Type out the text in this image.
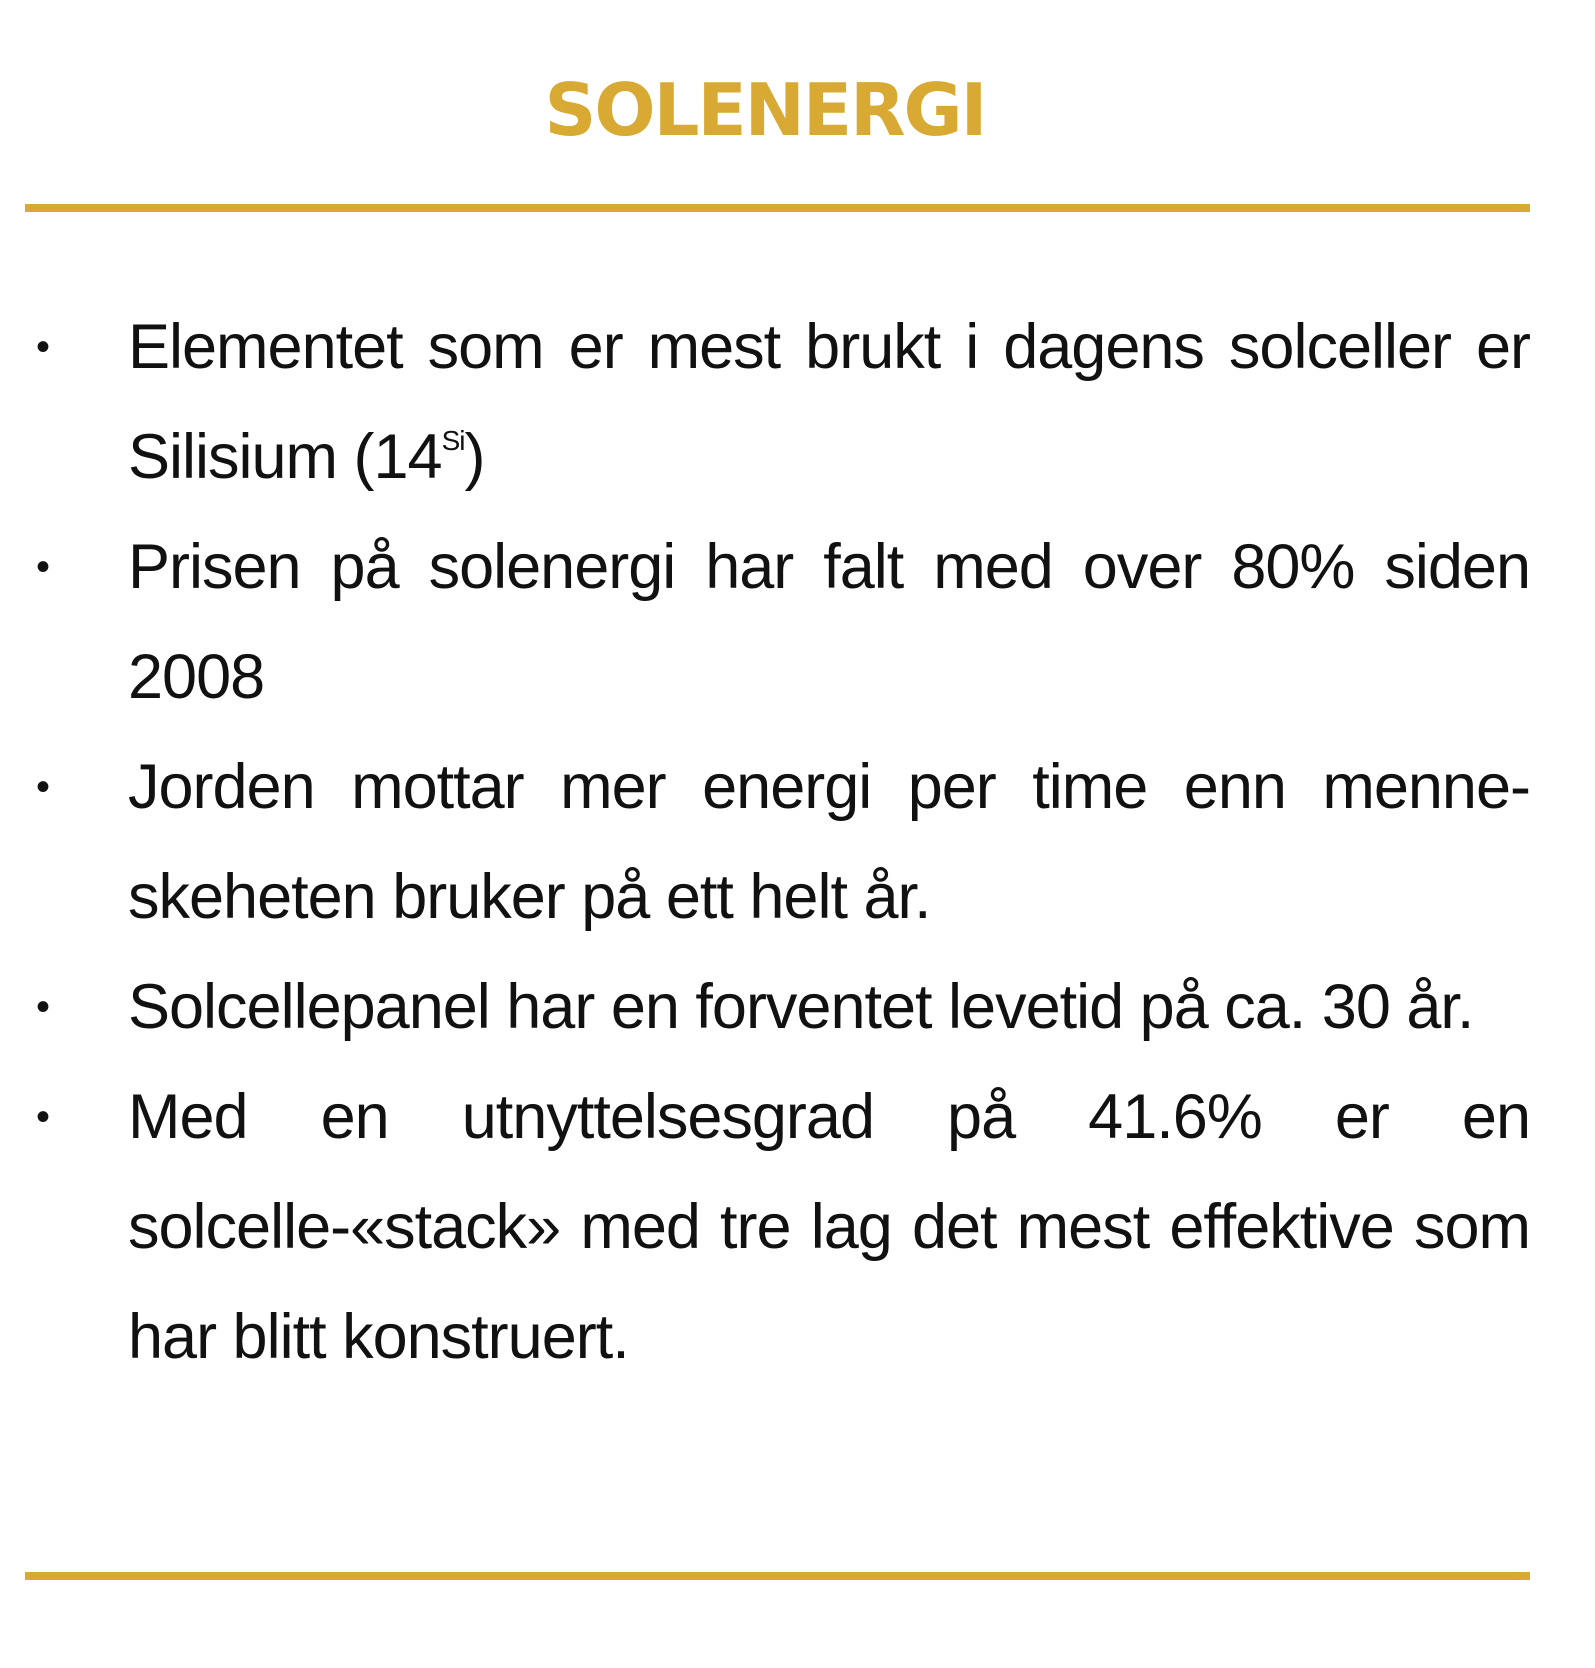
SOLENERGI
• Elementet som er mest brukt i dagens solceller er Silisium $(14^{Si})$
• Prisen på solenergi har falt med over 80% siden 2008
• Jorden mottar mer energi per time enn menne-skeheten bruker på ett helt år.
• Solcellepanel har en forventet levetid på ca. 30 år.
• Med en utnyttelsesgrad på 41.6% er en solcelle-«stack» med tre lag det mest effektive som har blitt konstruert.
